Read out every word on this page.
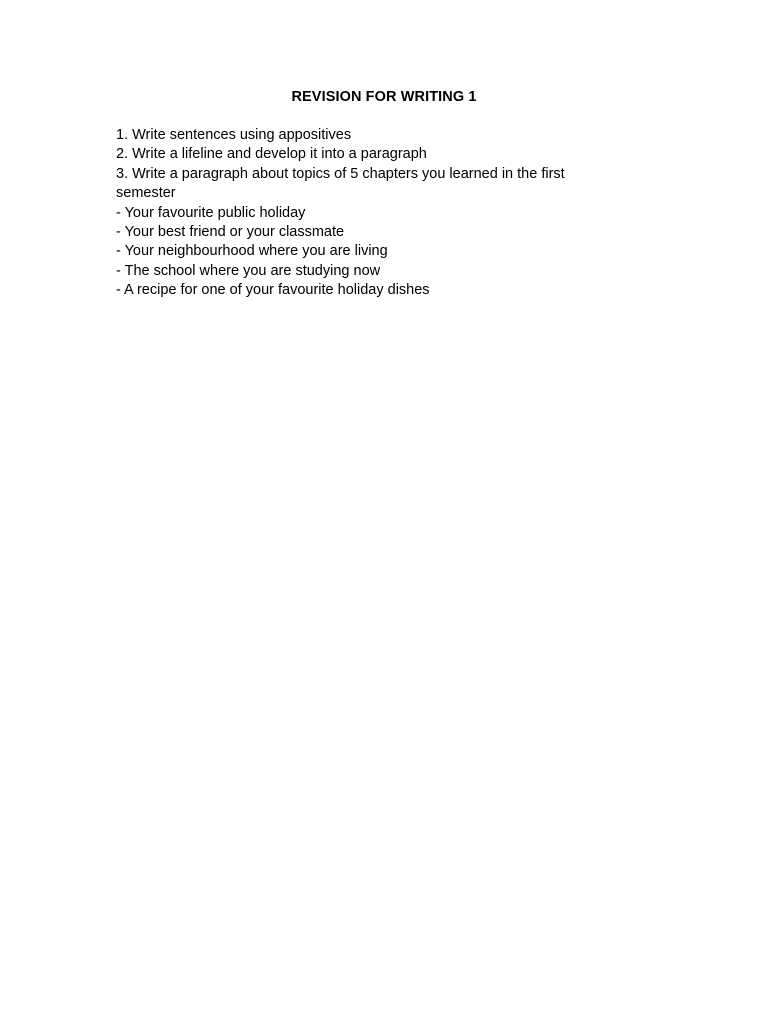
REVISION FOR WRITING 1

1. Write sentences using appositives

2. Write a lifeline and develop it into a paragraph

3. Write a paragraph about topics of 5 chapters you learned in the first semester

- Your favourite public holiday

- Your best friend or your classmate

- Your neighbourhood where you are living

- The school where you are studying now

- A recipe for one of your favourite holiday dishes
